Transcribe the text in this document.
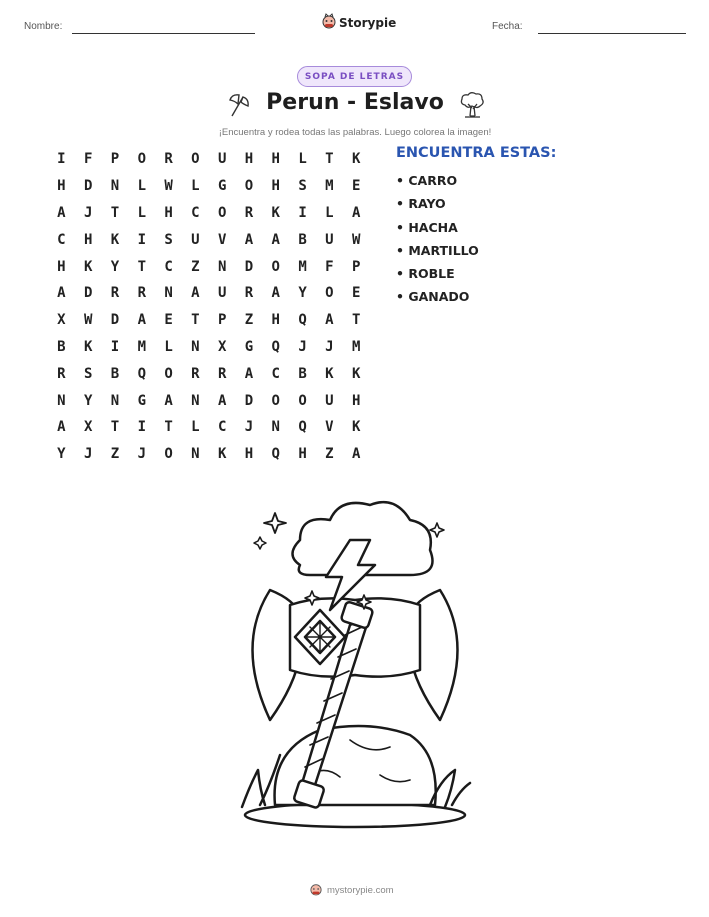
Nombre:	Storypie	Fecha:
SOPA DE LETRAS
Perun - Eslavo
¡Encuentra y rodea todas las palabras. Luego colorea la imagen!
I	F	P	O	R	O	U	H	H	L	T	K
H	D	N	L	W	L	G	O	H	S	M	E
A	J	T	L	H	C	O	R	K	I	L	A
C	H	K	I	S	U	V	A	A	B	U	W
H	K	Y	T	C	Z	N	D	O	M	F	P
A	D	R	R	N	A	U	R	A	Y	O	E
X	W	D	A	E	T	P	Z	H	Q	A	T
B	K	I	M	L	N	X	G	Q	J	J	M
R	S	B	Q	O	R	R	A	C	B	K	K
N	Y	N	G	A	N	A	D	O	O	U	H
A	X	T	I	T	L	C	J	N	Q	V	K
Y	J	Z	J	O	N	K	H	Q	H	Z	A
ENCUENTRA ESTAS:
• CARRO
• RAYO
• HACHA
• MARTILLO
• ROBLE
• GANADO
mystorypie.com
